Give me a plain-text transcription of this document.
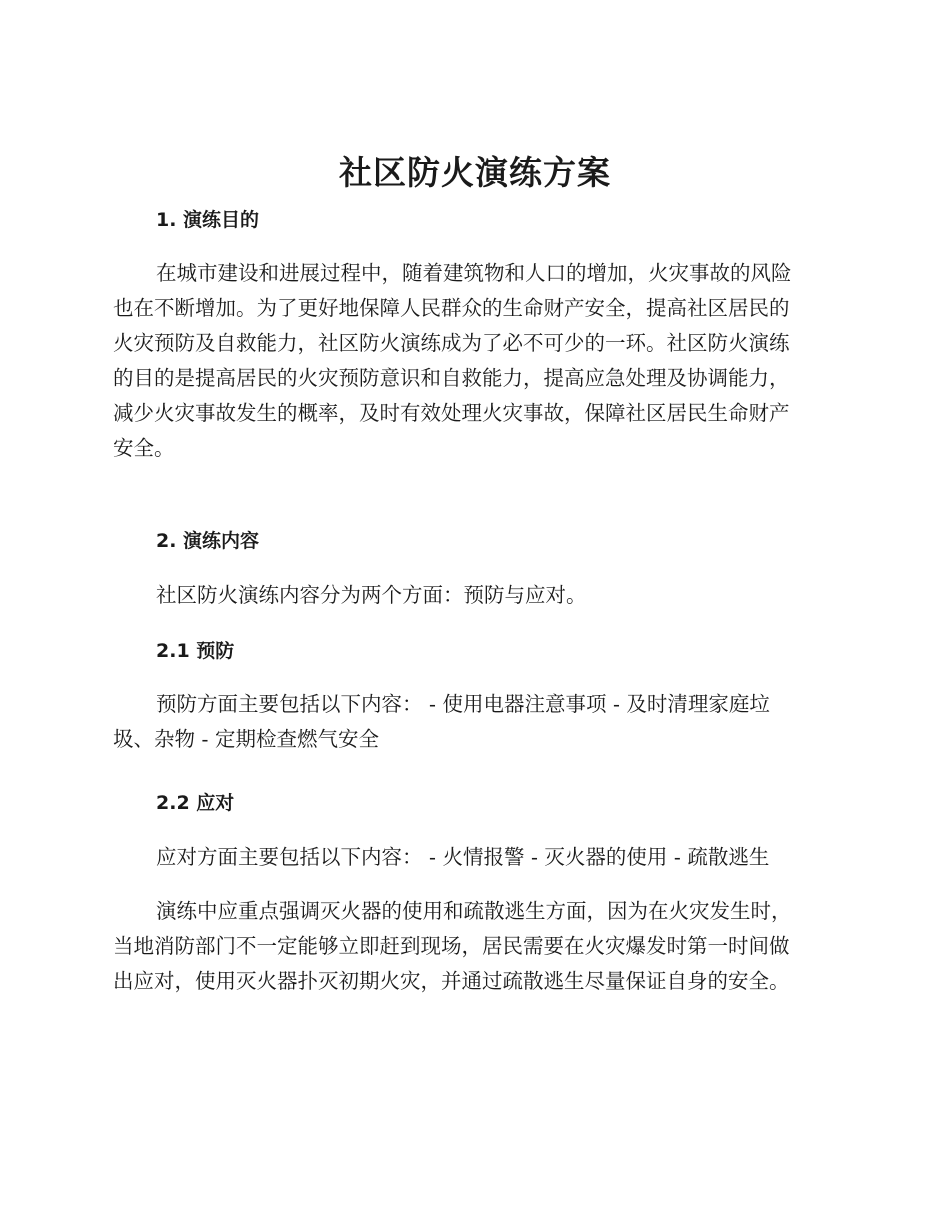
社区防火演练方案
1. 演练目的

在城市建设和进展过程中，随着建筑物和人口的增加，火灾事故的风险
也在不断增加。为了更好地保障人民群众的生命财产安全，提高社区居民的
火灾预防及自救能力，社区防火演练成为了必不可少的一环。社区防火演练
的目的是提高居民的火灾预防意识和自救能力，提高应急处理及协调能力，
减少火灾事故发生的概率，及时有效处理火灾事故，保障社区居民生命财产
安全。

2. 演练内容

社区防火演练内容分为两个方面：预防与应对。

2.1 预防

预防方面主要包括以下内容： - 使用电器注意事项 - 及时清理家庭垃
圾、杂物 - 定期检查燃气安全

2.2 应对

应对方面主要包括以下内容： - 火情报警 - 灭火器的使用 - 疏散逃生

演练中应重点强调灭火器的使用和疏散逃生方面，因为在火灾发生时，
当地消防部门不一定能够立即赶到现场，居民需要在火灾爆发时第一时间做
出应对，使用灭火器扑灭初期火灾，并通过疏散逃生尽量保证自身的安全。
